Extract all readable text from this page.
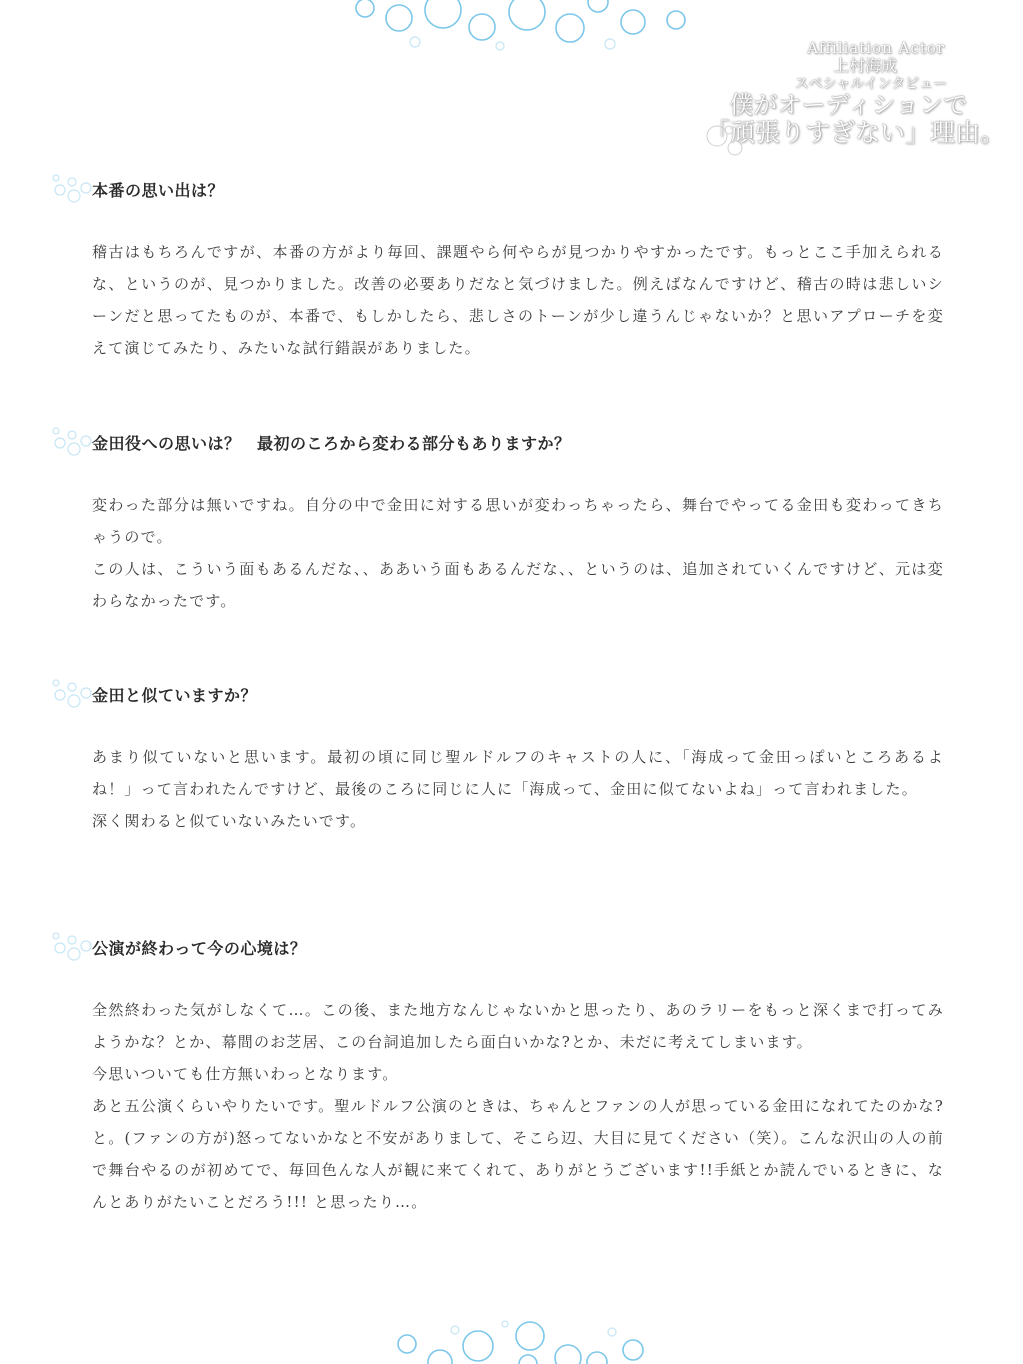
Affiliation Actor
上村海成
スペシャルインタビュー
僕がオーディションで
「頑張りすぎない」理由。
本番の思い出は？

稽古はもちろんですが、本番の方がより毎回、課題やら何やらが見つかりやすかったです。もっとここ手加えられるな、というのが、見つかりました。改善の必要ありだなと気づけました。例えばなんですけど、稽古の時は悲しいシーンだと思ってたものが、本番で、もしかしたら、悲しさのトーンが少し違うんじゃないか？と思いアプローチを変えて演じてみたり、みたいな試行錯誤がありました。

金田役への思いは？　最初のころから変わる部分もありますか？

変わった部分は無いですね。自分の中で金田に対する思いが変わっちゃったら、舞台でやってる金田も変わってきちゃうので。

この人は、こういう面もあるんだな、、ああいう面もあるんだな、、というのは、追加されていくんですけど、元は変わらなかったです。

金田と似ていますか？

あまり似ていないと思います。最初の頃に同じ聖ルドルフのキャストの人に、「海成って金田っぽいところあるよね！」って言われたんですけど、最後のころに同じに人に「海成って、金田に似てないよね」って言われました。

深く関わると似ていないみたいです。

公演が終わって今の心境は？

全然終わった気がしなくて…。この後、また地方なんじゃないかと思ったり、あのラリーをもっと深くまで打ってみようかな？とか、幕間のお芝居、この台詞追加したら面白いかな?とか、未だに考えてしまいます。

今思いついても仕方無いわっとなります。

あと五公演くらいやりたいです。聖ルドルフ公演のときは、ちゃんとファンの人が思っている金田になれてたのかな?と。(ファンの方が)怒ってないかなと不安がありまして、そこら辺、大目に見てください（笑）。こんな沢山の人の前で舞台やるのが初めてで、毎回色んな人が観に来てくれて、ありがとうございます!!手紙とか読んでいるときに、なんとありがたいことだろう!!! と思ったり…。
